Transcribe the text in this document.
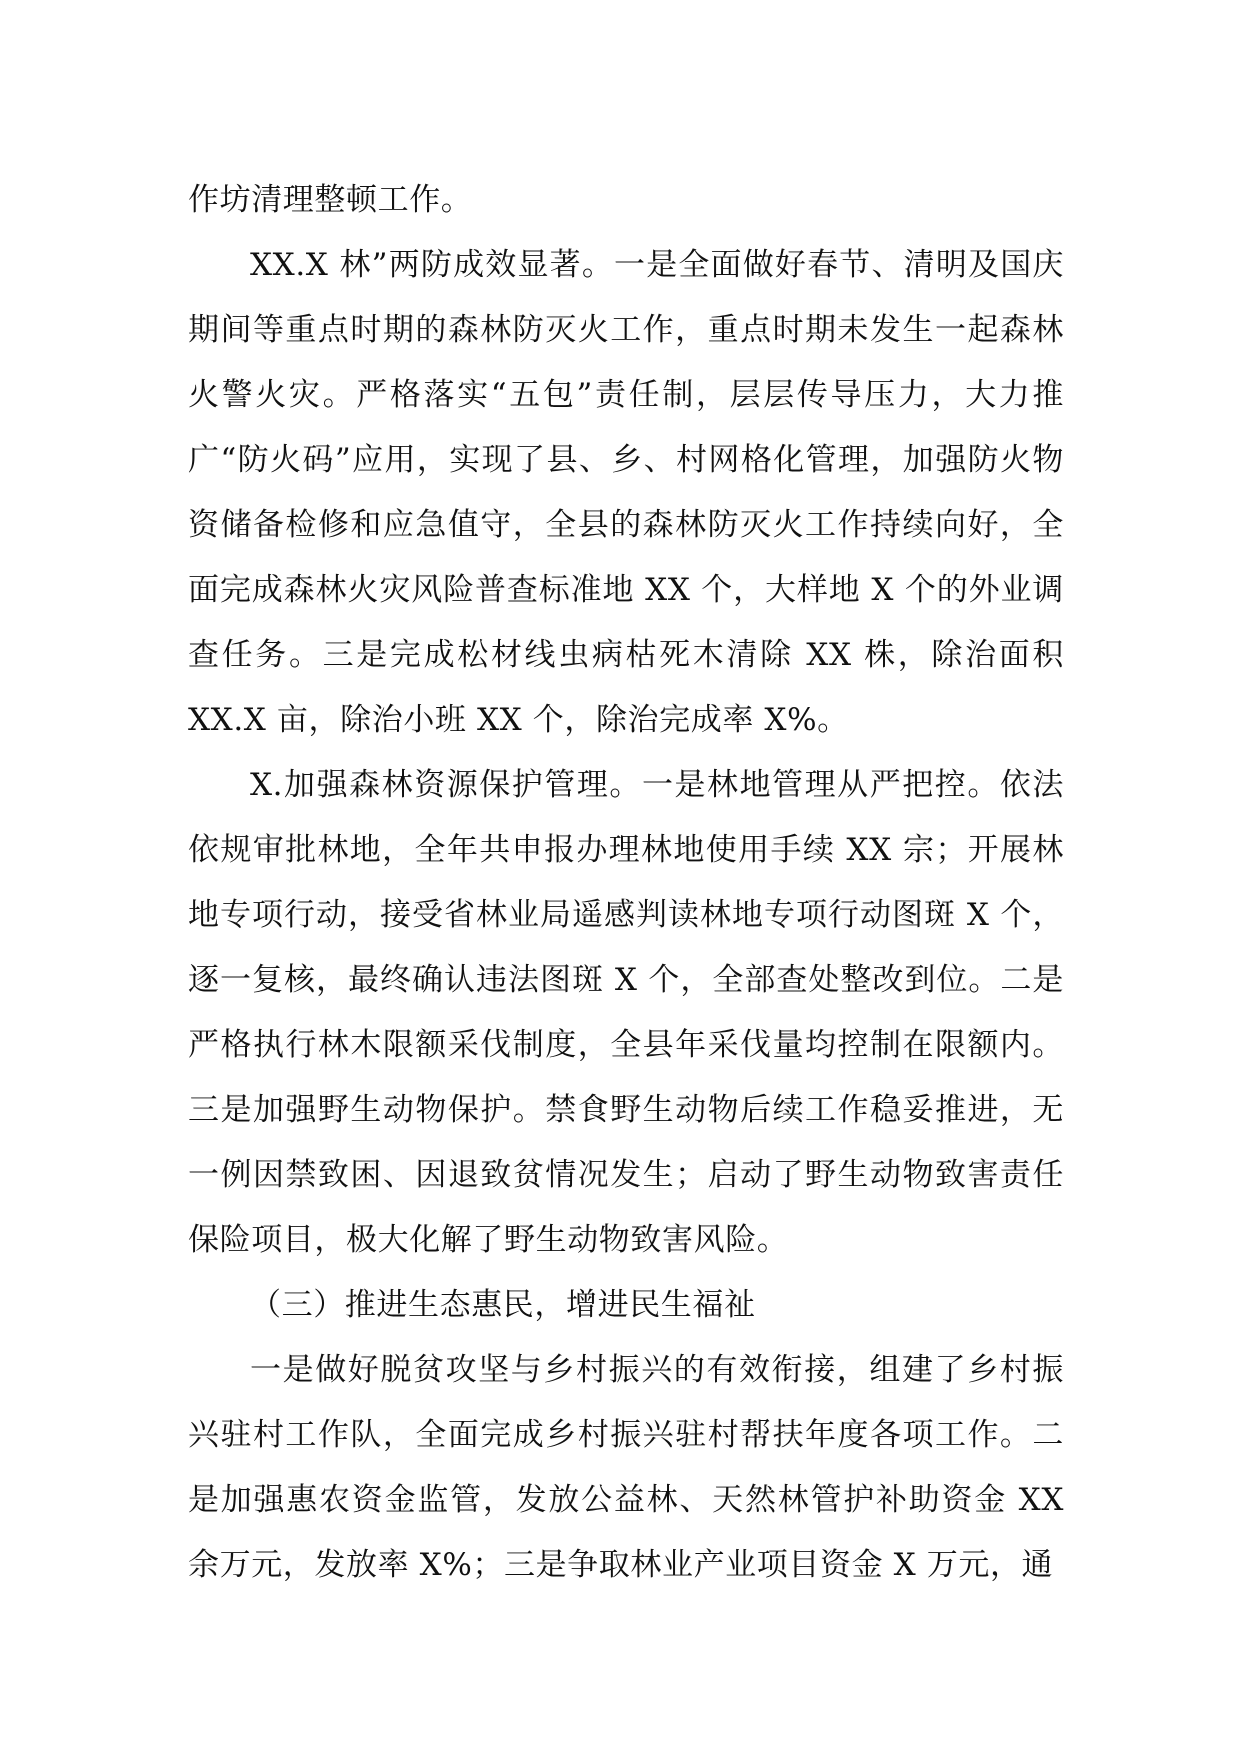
作坊清理整顿工作。

XX.X 林”两防成效显著。一是全面做好春节、清明及国庆期间等重点时期的森林防灭火工作，重点时期未发生一起森林火警火灾。严格落实“五包”责任制，层层传导压力，大力推广“防火码”应用，实现了县、乡、村网格化管理，加强防火物资储备检修和应急值守，全县的森林防灭火工作持续向好，全面完成森林火灾风险普查标准地 XX 个，大样地 X 个的外业调查任务。三是完成松材线虫病枯死木清除 XX 株，除治面积 XX.X 亩，除治小班 XX 个，除治完成率 X%。

X.加强森林资源保护管理。一是林地管理从严把控。依法依规审批林地，全年共申报办理林地使用手续 XX 宗；开展林地专项行动，接受省林业局遥感判读林地专项行动图斑 X 个，逐一复核，最终确认违法图斑 X 个，全部查处整改到位。二是严格执行林木限额采伐制度，全县年采伐量均控制在限额内。三是加强野生动物保护。禁食野生动物后续工作稳妥推进，无一例因禁致困、因退致贫情况发生；启动了野生动物致害责任保险项目，极大化解了野生动物致害风险。

（三）推进生态惠民，增进民生福祉

一是做好脱贫攻坚与乡村振兴的有效衔接，组建了乡村振兴驻村工作队，全面完成乡村振兴驻村帮扶年度各项工作。二是加强惠农资金监管，发放公益林、天然林管护补助资金 XX 余万元，发放率 X%；三是争取林业产业项目资金 X 万元，通
